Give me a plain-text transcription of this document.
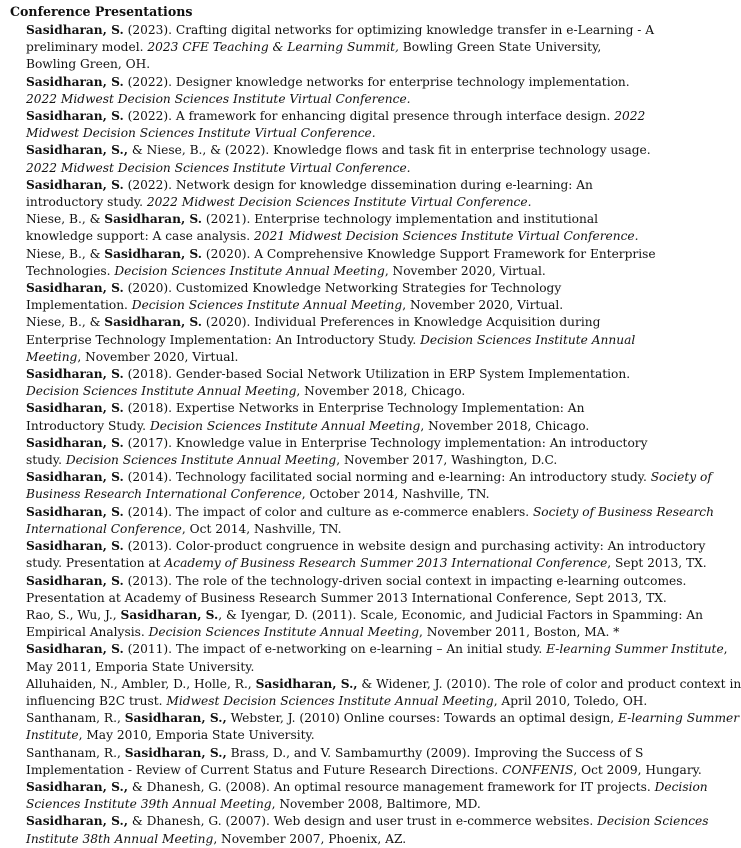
Conference Presentations
Sasidharan, S. (2023). Crafting digital networks for optimizing knowledge transfer in e-Learning - A
preliminary model. 2023 CFE Teaching & Learning Summit, Bowling Green State University,
Bowling Green, OH.
Sasidharan, S. (2022). Designer knowledge networks for enterprise technology implementation.
2022 Midwest Decision Sciences Institute Virtual Conference.
Sasidharan, S. (2022). A framework for enhancing digital presence through interface design. 2022
Midwest Decision Sciences Institute Virtual Conference.
Sasidharan, S., & Niese, B., & (2022). Knowledge flows and task fit in enterprise technology usage.
2022 Midwest Decision Sciences Institute Virtual Conference.
Sasidharan, S. (2022). Network design for knowledge dissemination during e-learning: An
introductory study. 2022 Midwest Decision Sciences Institute Virtual Conference.
Niese, B., & Sasidharan, S. (2021). Enterprise technology implementation and institutional
knowledge support: A case analysis. 2021 Midwest Decision Sciences Institute Virtual Conference.
Niese, B., & Sasidharan, S. (2020). A Comprehensive Knowledge Support Framework for Enterprise
Technologies. Decision Sciences Institute Annual Meeting, November 2020, Virtual.
Sasidharan, S. (2020). Customized Knowledge Networking Strategies for Technology
Implementation. Decision Sciences Institute Annual Meeting, November 2020, Virtual.
Niese, B., & Sasidharan, S. (2020). Individual Preferences in Knowledge Acquisition during
Enterprise Technology Implementation: An Introductory Study. Decision Sciences Institute Annual
Meeting, November 2020, Virtual.
Sasidharan, S. (2018). Gender-based Social Network Utilization in ERP System Implementation.
Decision Sciences Institute Annual Meeting, November 2018, Chicago.
Sasidharan, S. (2018). Expertise Networks in Enterprise Technology Implementation: An
Introductory Study. Decision Sciences Institute Annual Meeting, November 2018, Chicago.
Sasidharan, S. (2017). Knowledge value in Enterprise Technology implementation: An introductory
study. Decision Sciences Institute Annual Meeting, November 2017, Washington, D.C.
Sasidharan, S. (2014). Technology facilitated social norming and e-learning: An introductory study. Society of
Business Research International Conference, October 2014, Nashville, TN.
Sasidharan, S. (2014). The impact of color and culture as e-commerce enablers. Society of Business Research
International Conference, Oct 2014, Nashville, TN.
Sasidharan, S. (2013). Color-product congruence in website design and purchasing activity: An introductory
study. Presentation at Academy of Business Research Summer 2013 International Conference, Sept 2013, TX.
Sasidharan, S. (2013). The role of the technology-driven social context in impacting e-learning outcomes.
Presentation at Academy of Business Research Summer 2013 International Conference, Sept 2013, TX.
Rao, S., Wu, J., Sasidharan, S., & Iyengar, D. (2011). Scale, Economic, and Judicial Factors in Spamming: An
Empirical Analysis. Decision Sciences Institute Annual Meeting, November 2011, Boston, MA. *
Sasidharan, S. (2011). The impact of e-networking on e-learning – An initial study. E-learning Summer Institute,
May 2011, Emporia State University.
Alluhaiden, N., Ambler, D., Holle, R., Sasidharan, S., & Widener, J. (2010). The role of color and product context in
influencing B2C trust. Midwest Decision Sciences Institute Annual Meeting, April 2010, Toledo, OH.
Santhanam, R., Sasidharan, S., Webster, J. (2010) Online courses: Towards an optimal design, E-learning Summer
Institute, May 2010, Emporia State University.
Santhanam, R., Sasidharan, S., Brass, D., and V. Sambamurthy (2009). Improving the Success of S
Implementation - Review of Current Status and Future Research Directions. CONFENIS, Oct 2009, Hungary.
Sasidharan, S., & Dhanesh, G. (2008). An optimal resource management framework for IT projects. Decision
Sciences Institute 39th Annual Meeting, November 2008, Baltimore, MD.
Sasidharan, S., & Dhanesh, G. (2007). Web design and user trust in e-commerce websites. Decision Sciences
Institute 38th Annual Meeting, November 2007, Phoenix, AZ.
